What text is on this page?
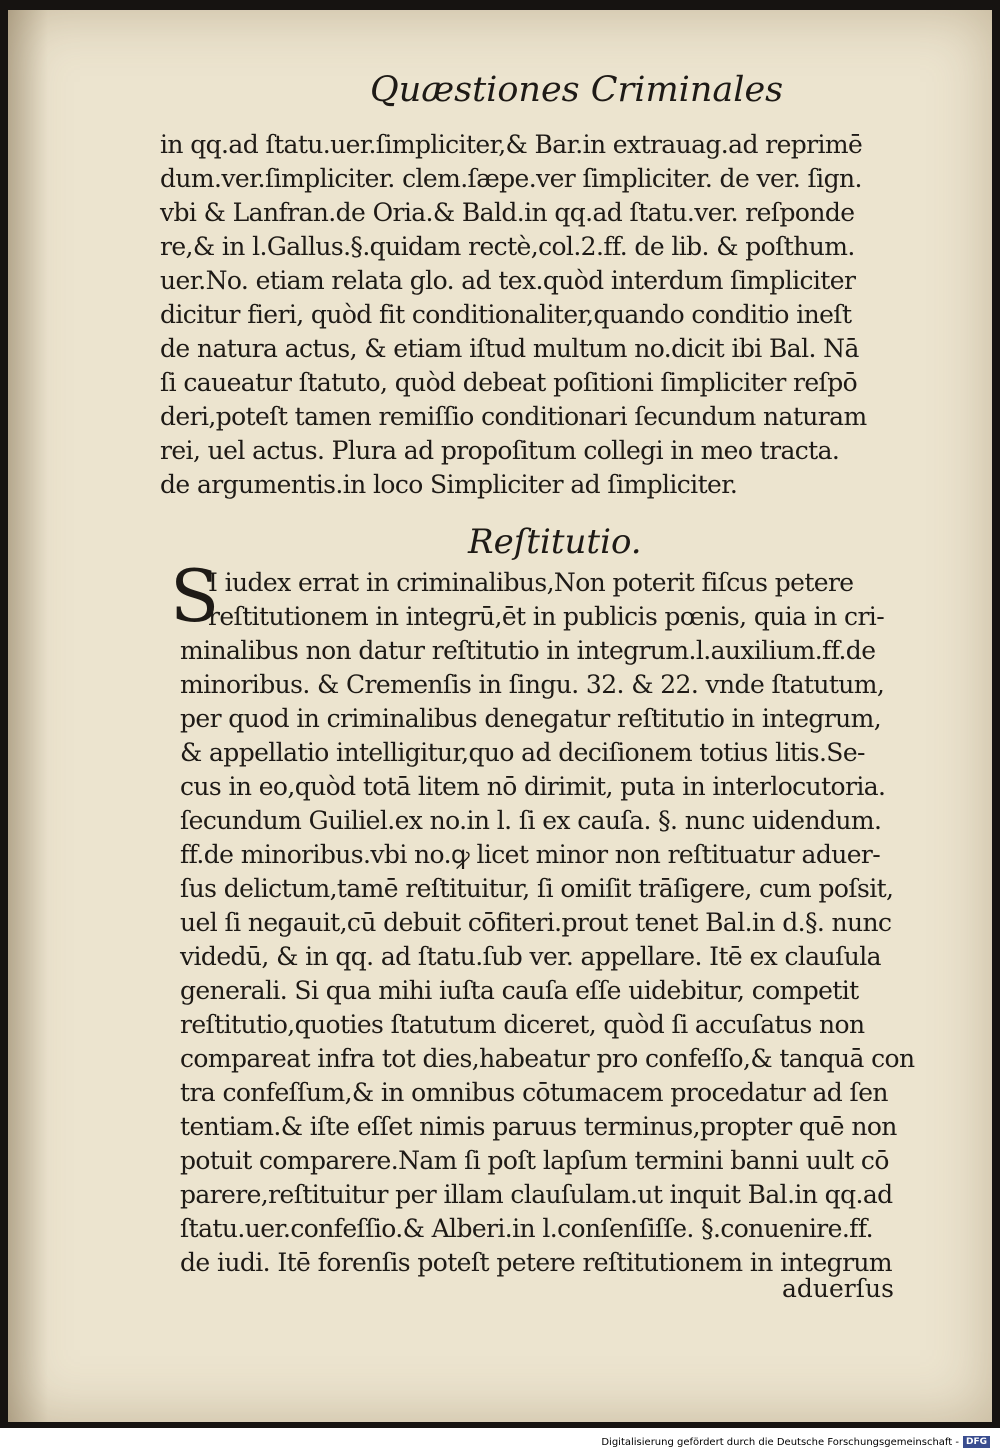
Quæstiones Criminales
in qq.ad ſtatu.uer.ſimpliciter,& Bar.in extrauag.ad reprimē
dum.ver.ſimpliciter. clem.ſæpe.ver ſimpliciter. de ver. ſign.
vbi & Lanfran.de Oria.& Bald.in qq.ad ſtatu.ver. reſponde
re,& in l.Gallus.§.quidam rectè,col.2.ff. de lib. & poſthum.
uer.No. etiam relata glo. ad tex.quòd interdum ſimpliciter
dicitur fieri, quòd fit conditionaliter,quando conditio ineſt
de natura actus, & etiam iſtud multum no.dicit ibi Bal. Nā
ſi caueatur ſtatuto, quòd debeat poſitioni ſimpliciter reſpō
deri,poteſt tamen remiſſio conditionari ſecundum naturam
rei, uel actus. Plura ad propoſitum collegi in meo tracta.
de argumentis.in loco Simpliciter ad ſimpliciter.
Reſtitutio.
S
I iudex errat in criminalibus,Non poterit fiſcus petere
reſtitutionem in integrū,ēt in publicis pœnis, quia in cri-
minalibus non datur reſtitutio in integrum.l.auxilium.ff.de
minoribus. & Cremenſis in ſingu. 32. & 22. vnde ſtatutum,
per quod in criminalibus denegatur reſtitutio in integrum,
& appellatio intelligitur,quo ad deciſionem totius litis.Se-
cus in eo,quòd totā litem nō dirimit, puta in interlocutoria.
ſecundum Guiliel.ex no.in l. ſi ex cauſa. §. nunc uidendum.
ff.de minoribus.vbi no.ꝙ licet minor non reſtituatur aduer-
ſus delictum,tamē reſtituitur, ſi omiſit trāſigere, cum poſsit,
uel ſi negauit,cū debuit cōfiteri.prout tenet Bal.in d.§. nunc
videdū, & in qq. ad ſtatu.ſub ver. appellare. Itē ex clauſula
generali. Si qua mihi iuſta cauſa eſſe uidebitur, competit
reſtitutio,quoties ſtatutum diceret, quòd ſi accuſatus non
compareat infra tot dies,habeatur pro confeſſo,& tanquā con
tra confeſſum,& in omnibus cōtumacem procedatur ad ſen
tentiam.& iſte eſſet nimis paruus terminus,propter quē non
potuit comparere.Nam ſi poſt lapſum termini banni uult cō
parere,reſtituitur per illam clauſulam.ut inquit Bal.in qq.ad
ſtatu.uer.confeſſio.& Alberi.in l.conſenſiſſe. §.conuenire.ff.
de iudi. Itē forenſis poteſt petere reſtitutionem in integrum
aduerſus
Digitalisierung gefördert durch die Deutsche Forschungsgemeinschaft - DFG
